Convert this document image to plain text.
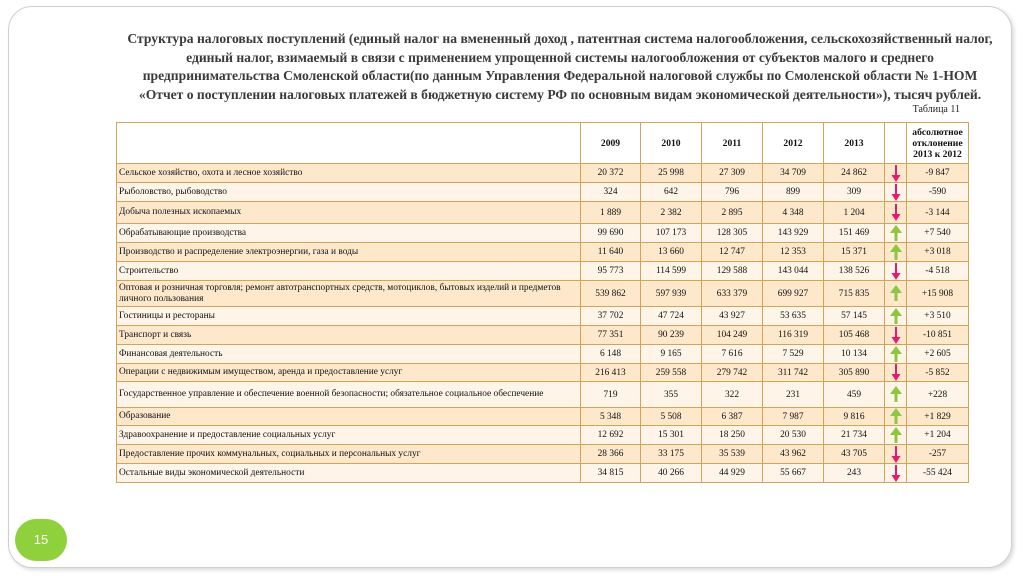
Структура налоговых поступлений (единый налог на вмененный доход , патентная система налогообложения, сельскохозяйственный налог, единый налог, взимаемый в связи с применением упрощенной системы налогообложения от субъектов малого и среднего предпринимательства Смоленской области(по данным Управления Федеральной налоговой службы по Смоленской области № 1-НОМ «Отчет о поступлении налоговых платежей в бюджетную систему РФ по основным видам экономической деятельности»), тысяч рублей.
Таблица 11
	2009	2010	2011	2012	2013		абсолютное отклонение 2013 к 2012
Сельское хозяйство, охота и лесное хозяйство	20 372	25 998	27 309	34 709	24 862		-9 847
Рыболовство, рыбоводство	324	642	796	899	309		-590
Добыча полезных ископаемых	1 889	2 382	2 895	4 348	1 204		-3 144
Обрабатывающие производства	99 690	107 173	128 305	143 929	151 469		+7 540
Производство и распределение электроэнергии, газа и воды	11 640	13 660	12 747	12 353	15 371		+3 018
Строительство	95 773	114 599	129 588	143 044	138 526		-4 518
Оптовая и розничная торговля; ремонт автотранспортных средств, мотоциклов, бытовых изделий и предметов личного пользования	539 862	597 939	633 379	699 927	715 835		+15 908
Гостиницы и рестораны	37 702	47 724	43 927	53 635	57 145		+3 510
Транспорт и связь	77 351	90 239	104 249	116 319	105 468		-10 851
Финансовая деятельность	6 148	9 165	7 616	7 529	10 134		+2 605
Операции с недвижимым имуществом, аренда и предоставление услуг	216 413	259 558	279 742	311 742	305 890		-5 852
Государственное управление и обеспечение военной безопасности; обязательное социальное обеспечение	719	355	322	231	459		+228
Образование	5 348	5 508	6 387	7 987	9 816		+1 829
Здравоохранение и предоставление социальных услуг	12 692	15 301	18 250	20 530	21 734		+1 204
Предоставление прочих коммунальных, социальных и персональных услуг	28 366	33 175	35 539	43 962	43 705		-257
Остальные виды экономической деятельности	34 815	40 266	44 929	55 667	243		-55 424
15
